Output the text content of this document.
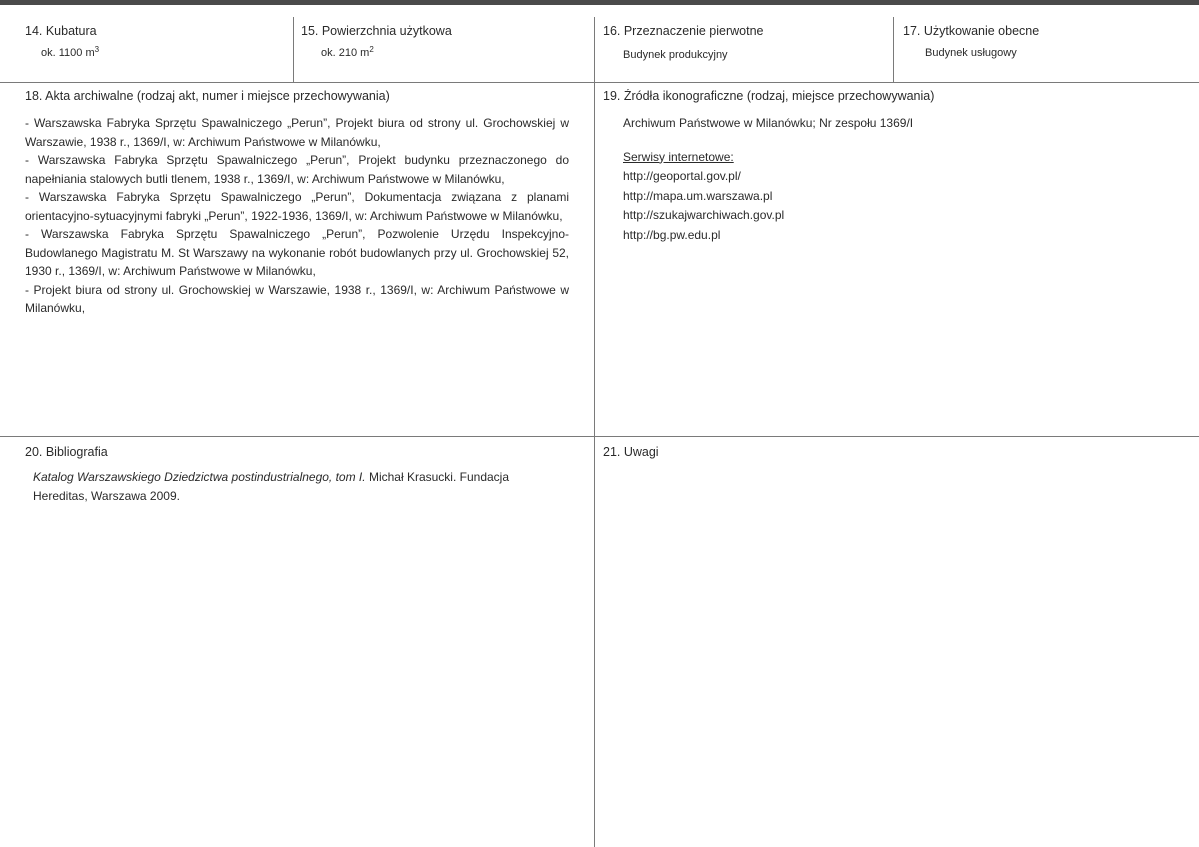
14. Kubatura
ok. 1100 $m^3$
15. Powierzchnia użytkowa
ok. 210 $m^2$
16. Przeznaczenie pierwotne
Budynek produkcyjny
17. Użytkowanie obecne
Budynek usługowy
18. Akta archiwalne (rodzaj akt, numer i miejsce przechowywania)

- Warszawska Fabryka Sprzętu Spawalniczego „Perun”, Projekt biura od strony ul. Grochowskiej w Warszawie, 1938 r., 1369/I, w: Archiwum Państwowe w Milanówku,

- Warszawska Fabryka Sprzętu Spawalniczego „Perun”, Projekt budynku przeznaczonego do napełniania stalowych butli tlenem, 1938 r., 1369/I, w: Archiwum Państwowe w Milanówku,

- Warszawska Fabryka Sprzętu Spawalniczego „Perun”, Dokumentacja związana z planami orientacyjno-sytuacyjnymi fabryki „Perun”, 1922-1936, 1369/I, w: Archiwum Państwowe w Milanówku,

- Warszawska Fabryka Sprzętu Spawalniczego „Perun”, Pozwolenie Urzędu Inspekcyjno-Budowlanego Magistratu M. St Warszawy na wykonanie robót budowlanych przy ul. Grochowskiej 52, 1930 r., 1369/I, w: Archiwum Państwowe w Milanówku,

- Projekt biura od strony ul. Grochowskiej w Warszawie, 1938 r., 1369/I, w: Archiwum Państwowe w Milanówku,

19. Źródła ikonograficzne (rodzaj, miejsce przechowywania)
Archiwum Państwowe w Milanówku; Nr zespołu 1369/I
Serwisy internetowe:
http://geoportal.gov.pl/
http://mapa.um.warszawa.pl
http://szukajwarchiwach.gov.pl
http://bg.pw.edu.pl
20. Bibliografia
Katalog Warszawskiego Dziedzictwa postindustrialnego, tom I. Michał Krasucki. Fundacja Hereditas, Warszawa 2009.
21. Uwagi
